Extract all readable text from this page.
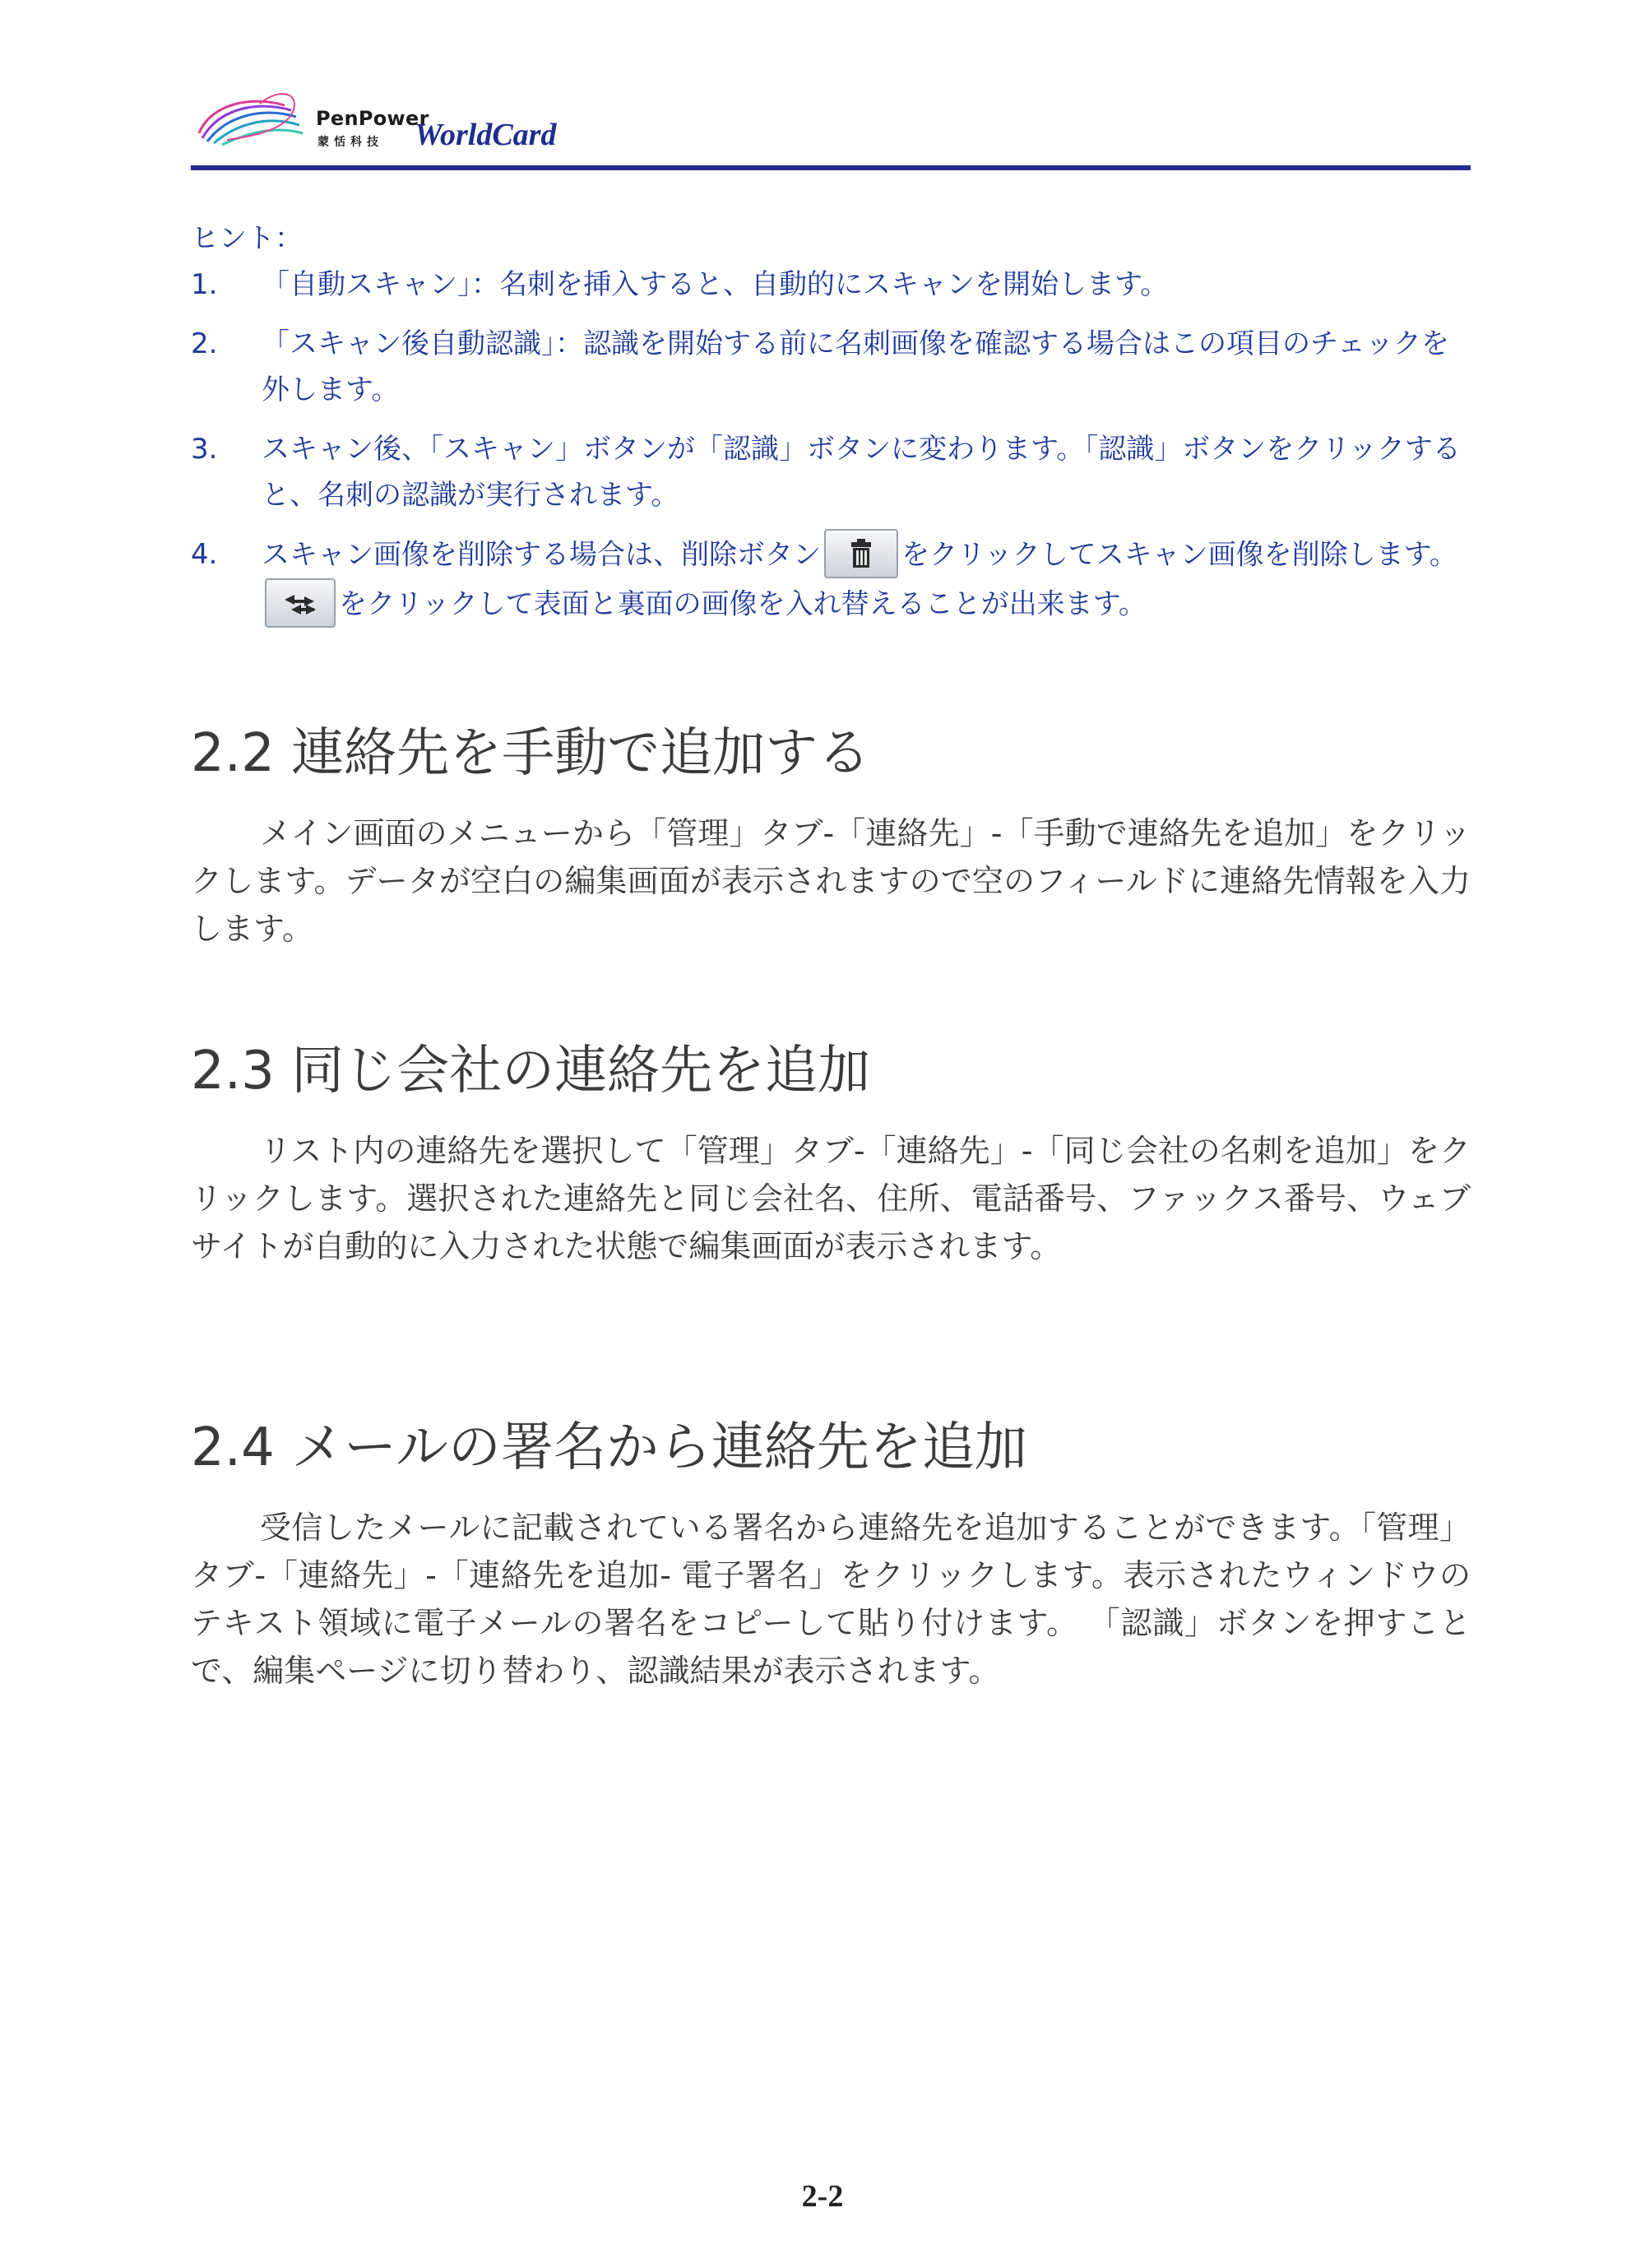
PenPower
蒙恬科技 WorldCard
ヒント：
1. 「自動スキャン」：名刺を挿入すると、自動的にスキャンを開始します。
2. 「スキャン後自動認識」：認識を開始する前に名刺画像を確認する場合はこの項目のチェックを外します。
3. スキャン後、「スキャン」ボタンが「認識」ボタンに変わります。「認識」ボタンをクリックすると、名刺の認識が実行されます。
4. スキャン画像を削除する場合は、削除ボタン	をクリックしてスキャン画像を削除します。
をクリックして表面と裏面の画像を入れ替えることが出来ます。
2.2 連絡先を手動で追加する

メイン画面のメニューから「管理」タブ-「連絡先」-「手動で連絡先を追加」をクリックします。データが空白の編集画面が表示されますので空のフィールドに連絡先情報を入力します。

2.3 同じ会社の連絡先を追加

リスト内の連絡先を選択して「管理」タブ-「連絡先」-「同じ会社の名刺を追加」をクリックします。選択された連絡先と同じ会社名、住所、電話番号、ファックス番号、ウェブサイトが自動的に入力された状態で編集画面が表示されます。

2.4 メールの署名から連絡先を追加

受信したメールに記載されている署名から連絡先を追加することができます。「管理」タブ-「連絡先」-「連絡先を追加- 電子署名」をクリックします。表示されたウィンドウのテキスト領域に電子メールの署名をコピーして貼り付けます。 「認識」ボタンを押すことで、編集ページに切り替わり、認識結果が表示されます。

2-2
